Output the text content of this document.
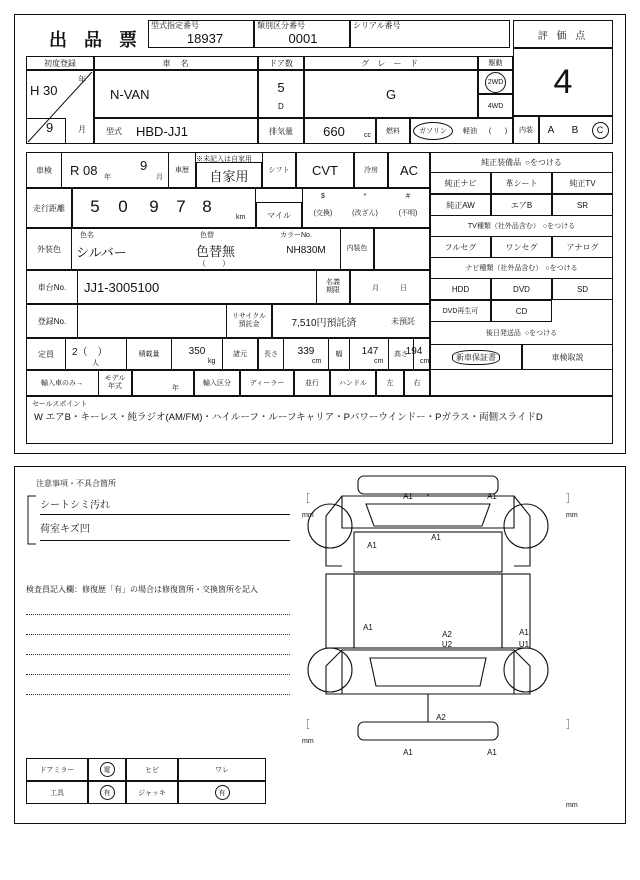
出 品 票
型式指定番号
18937
類別区分番号
0001
シリアル番号
評 価 点
4
初度登録
H 30
年
9	月
車　名
N-VAN
ドア数
5
D
グ レ ー ド
G
駆動
2WD
4WD
型式	HBD-JJ1	排気量	660	cc
燃料	ガソリン	軽油	(	)	内装	A	B	C
車検	R 08 年
9
月
※未記入は自家用
車歴	自家用	シフト	CVT	冷房	AC
走行距離	5	0	9	7 8
km	マイル
$
(交換)
*
(改ざん)
#
(不明)
外装色
色名
シルバー
色替
色替無
（　　）
カラーNo.
NH830M	内装色
車台No.	JJ1-3005100	名義
期限	月	日
登録No.
リサイクル
預託金	7,510円預託済	未預託
定員	2（　）
人
積載量	350
kg
諸元	長さ	339
cm
幅	147
cm
高さ
194
cm
輸入車のみ→
モデル
年式	年
輸入区分	ディーラー	並行	ハンドル	左	右
純正装備品 ○をつける
純正ナビ	革シート	純正TV
純正AW	エアB	SR
TV種類（社外品含む） ○をつける
フルセグ	ワンセグ	アナログ
ナビ種類（社外品含む） ○をつける
HDD	DVD	SD
DVD再生可	CD
後日発送品 ○をつける
新車保証書	車検取説
セールスポイント
W エアB・キーレス・純ラジオ(AM/FM)・ハイルーフ・ルーフキャリア・Pパワーウインドー・Pガラス・両側スライドD
注意事項・不具合箇所
シートシミ汚れ
荷室キズ凹
検査員記入欄：修復歴「有」の場合は修復箇所・交換箇所を記入
A1	A1
A1
A1
A1
A2
U2
A1
U1
A2
A1	A1
［
mm
］
mm
［
mm
］
mm
ドアミラー	電	ヒビ	ワレ
工具	有	ジャッキ	有
